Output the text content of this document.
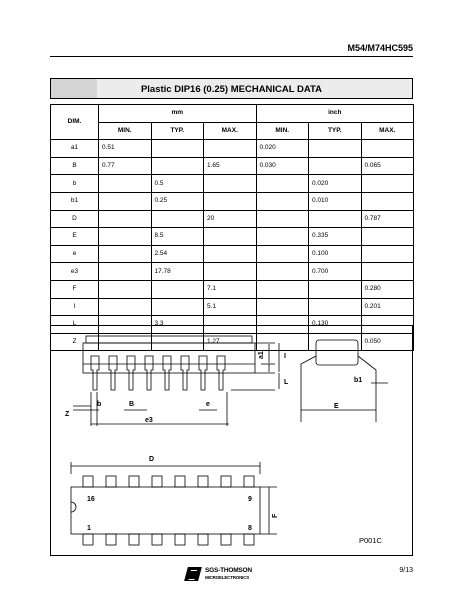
M54/M74HC595
Plastic DIP16 (0.25) MECHANICAL DATA
DIM.	mm			inch		
	MIN.	TYP.	MAX.	MIN.	TYP.	MAX.
a1	0.51			0.020		
B	0.77		1.65	0.030		0.065
b		0.5			0.020	
b1		0.25			0.010	
D			20			0.787
E		8.5			0.335	
e		2.54			0.100	
e3		17.78			0.700	
F			7.1			0.280
I			5.1			0.201
L		3.3			0.130	
Z			1.27			0.050
a1	I
L	b1
E
Z
b	B	e
e3
D
F
16	9
1	8
P001C
SGS-THOMSON
MICROELECTRONICS
9/13
